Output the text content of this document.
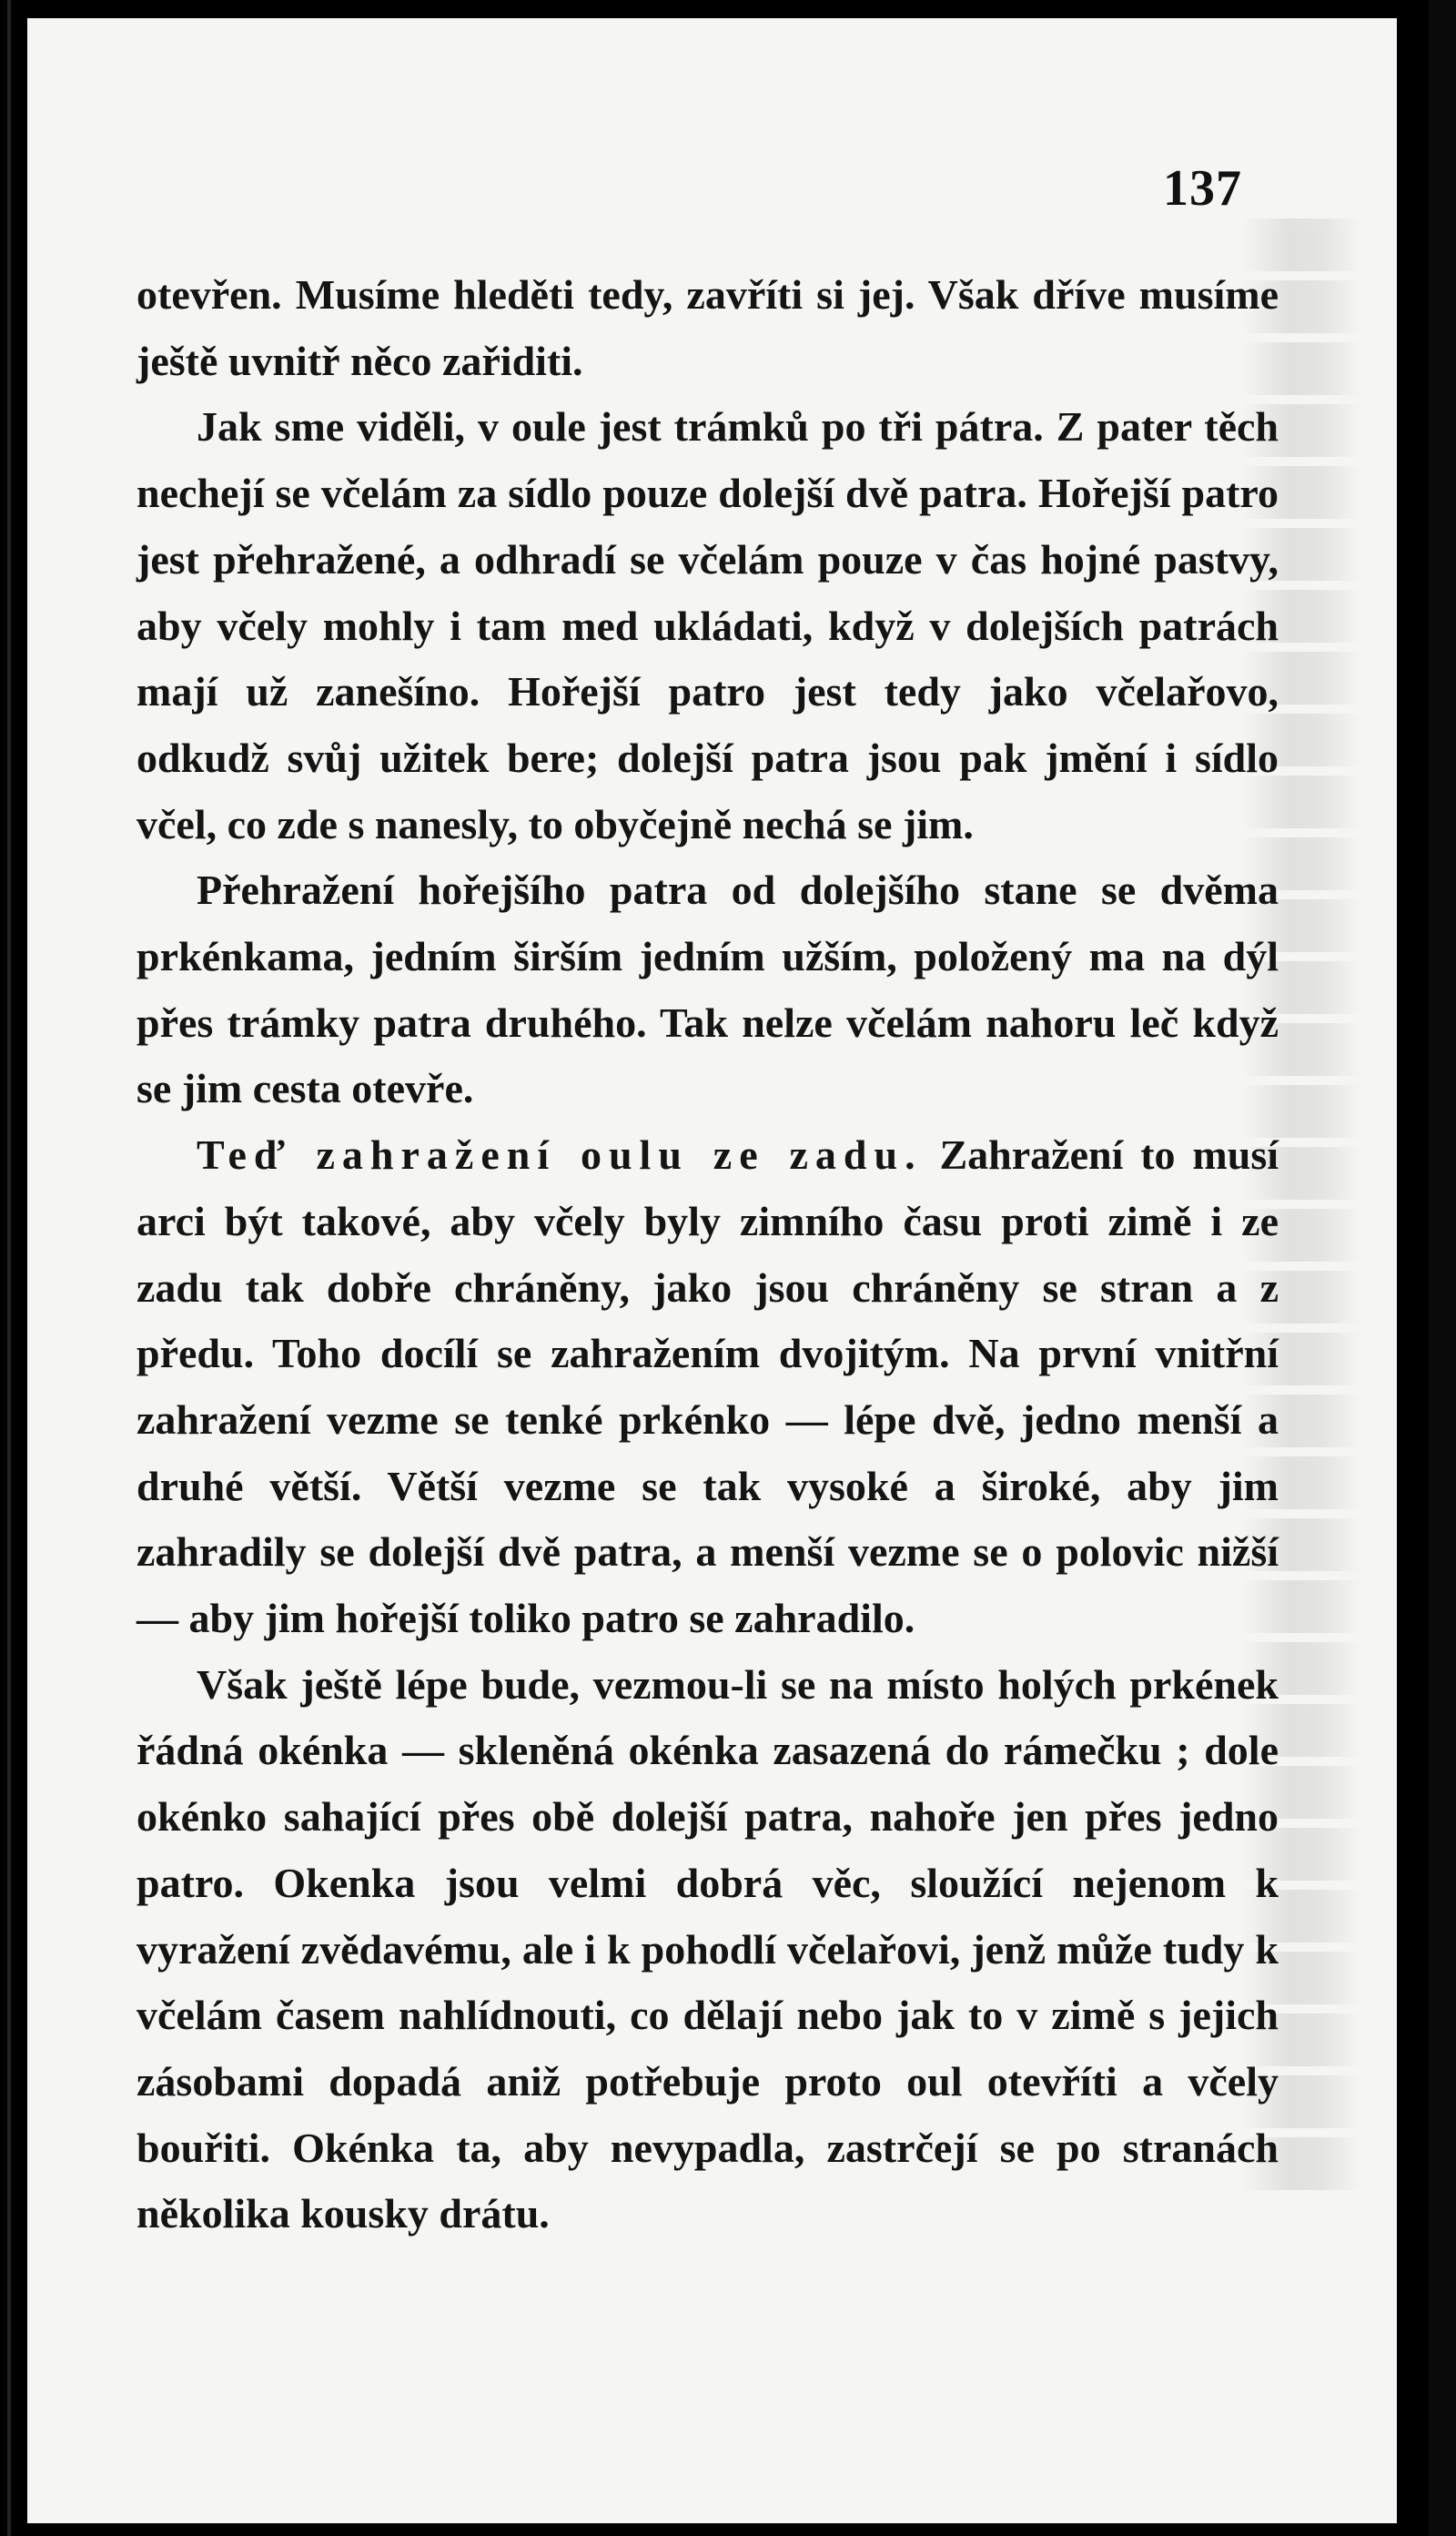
137

otevřen. Musíme hleděti tedy, zavříti si jej. Však dříve musíme ještě uvnitř něco zařiditi.

Jak sme viděli, v oule jest trámků po tři pátra. Z pater těch nechejí se včelám za sídlo pouze dolejší dvě patra. Hořejší patro jest přehražené, a odhradí se včelám pouze v čas hojné pastvy, aby včely mohly i tam med ukládati, když v dolejších patrách mají už zanešíno. Hořejší patro jest tedy jako včelařovo, odkudž svůj užitek bere; dolejší patra jsou pak jmění i sídlo včel, co zde s nanesly, to obyčejně nechá se jim.

Přehražení hořejšího patra od dolejšího stane se dvěma prkénkama, jedním širším jedním užším, položený ma na dýl přes trámky patra druhého. Tak nelze včelám nahoru leč když se jim cesta otevře.

Teď zahražení oulu ze zadu. Zahražení to musí arci být takové, aby včely byly zimního času proti zimě i ze zadu tak dobře chráněny, jako jsou chráněny se stran a z předu. Toho docílí se zahražením dvojitým. Na první vnitřní zahražení vezme se tenké prkénko — lépe dvě, jedno menší a druhé větší. Větší vezme se tak vysoké a široké, aby jim zahradily se dolejší dvě patra, a menší vezme se o polovic nižší — aby jim hořejší toliko patro se zahradilo.

Však ještě lépe bude, vezmou-li se na místo holých prkének řádná okénka — skleněná okénka zasazená do rámečku ; dole okénko sahající přes obě dolejší patra, nahoře jen přes jedno patro. Okenka jsou velmi dobrá věc, sloužící nejenom k vyražení zvědavému, ale i k pohodlí včelařovi, jenž může tudy k včelám časem nahlídnouti, co dělají nebo jak to v zimě s jejich zásobami dopadá aniž potřebuje proto oul otevříti a včely bouřiti. Okénka ta, aby nevypadla, zastrčejí se po stranách několika kousky drátu.
